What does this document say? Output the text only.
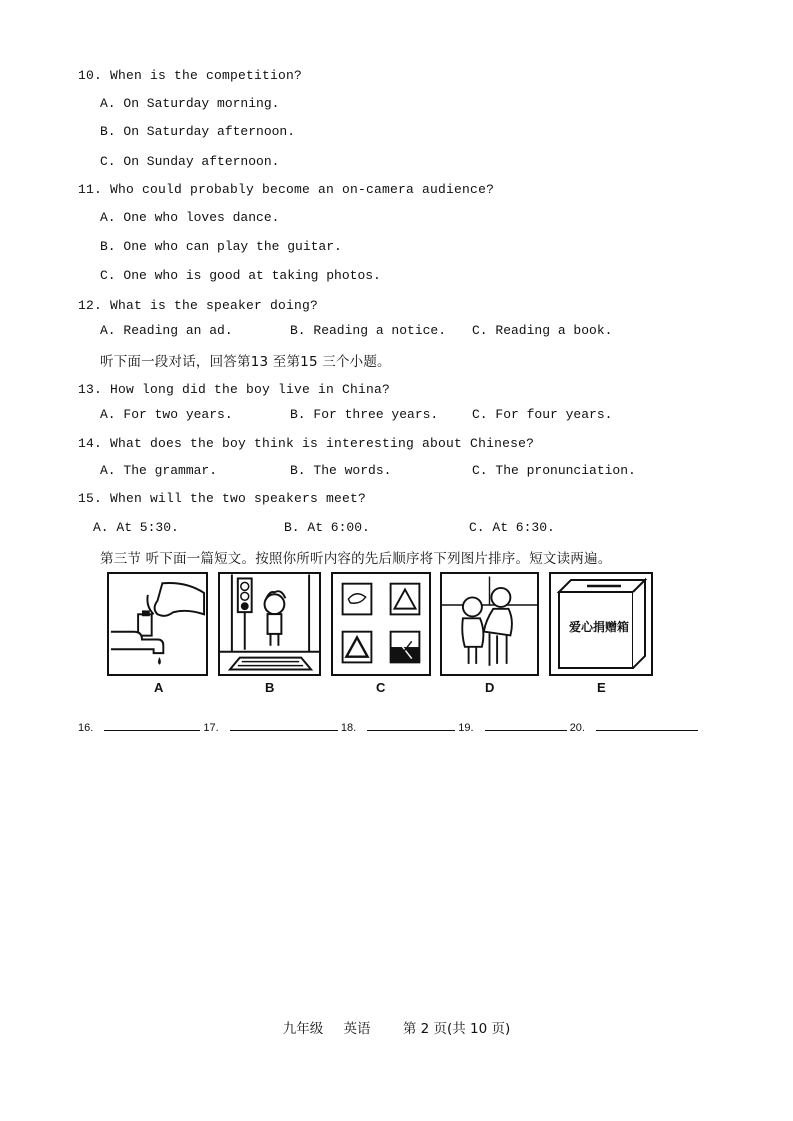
10. When is the competition?
A. On Saturday morning.
B. On Saturday afternoon.
C. On Sunday afternoon.
11. Who could probably become an on-camera audience?
A. One who loves dance.
B. One who can play the guitar.
C. One who is good at taking photos.
12. What is the speaker doing?
A. Reading an ad.	B. Reading a notice. C. Reading a book.
听下面一段对话，回答第13 至第15 三个小题。
13. How long did the boy live in China?
A. For two years.	B. For three years.	C. For four years.
14. What does the boy think is interesting about Chinese?
A. The grammar.	B. The words.	C. The pronunciation.
15. When will the two speakers meet?
A. At 5:30.	B. At 6:00.	C. At 6:30.
第三节 听下面一篇短文。按照你所听内容的先后顺序将下列图片排序。短文读两遍。
爱心捐赠箱
A	B	C	D	E
16.	17.	18.	19.	20.
九年级 英语 第 2 页(共 10 页)
